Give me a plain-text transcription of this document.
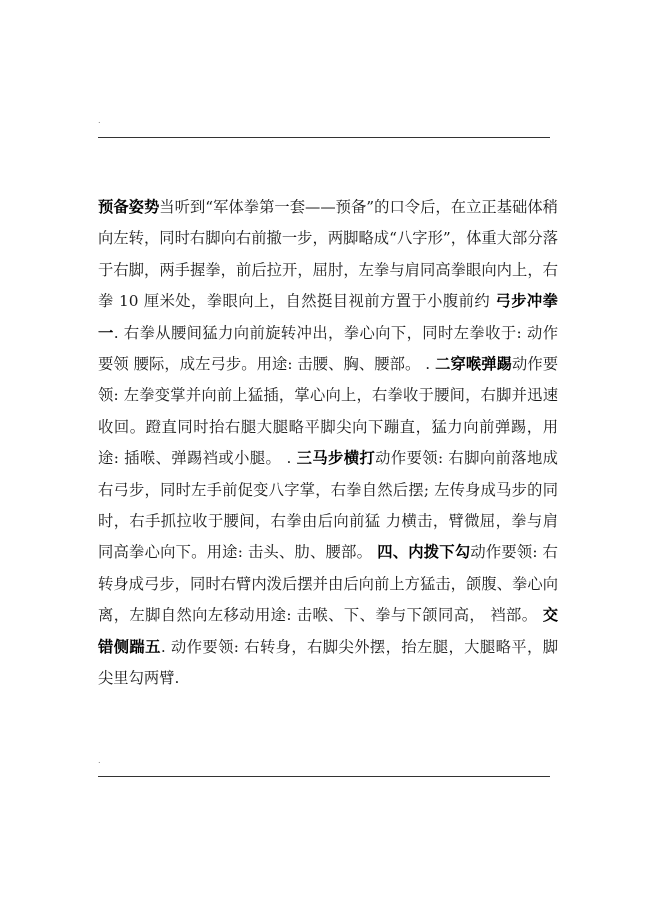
.
预备姿势当听到“军体拳第一套——预备”的口令后，在立正基础体稍向左转，同时右脚向右前撤一步，两脚略成“八字形”，体重大部分落于右脚，两手握拳，前后拉开，屈肘，左拳与肩同高拳眼向内上，右拳 10 厘米处，拳眼向上，自然挺目视前方置于小腹前约 弓步冲拳一. 右拳从腰间猛力向前旋转冲出，拳心向下，同时左拳收于: 动作要领 腰际，成左弓步。用途: 击腰、胸、腰部。 . 二穿喉弹踢动作要领: 左拳变掌并向前上猛插，掌心向上，右拳收于腰间，右脚并迅速收回。蹬直同时抬右腿大腿略平脚尖向下蹦直，猛力向前弹踢，用途: 插喉、弹踢裆或小腿。 . 三马步横打动作要领: 右脚向前落地成右弓步，同时左手前促变八字掌，右拳自然后摆; 左传身成马步的同时，右手抓拉收于腰间，右拳由后向前猛 力横击，臂微屈，拳与肩同高拳心向下。用途: 击头、肋、腰部。 四、内拨下勾动作要领: 右转身成弓步，同时右臂内泼后摆并由后向前上方猛击，颌腹、拳心向离，左脚自然向左移动用途: 击喉、下、拳与下颌同高， 裆部。 交错侧踹五. 动作要领: 右转身，右脚尖外摆，抬左腿，大腿略平，脚尖里勾两臂.
.
